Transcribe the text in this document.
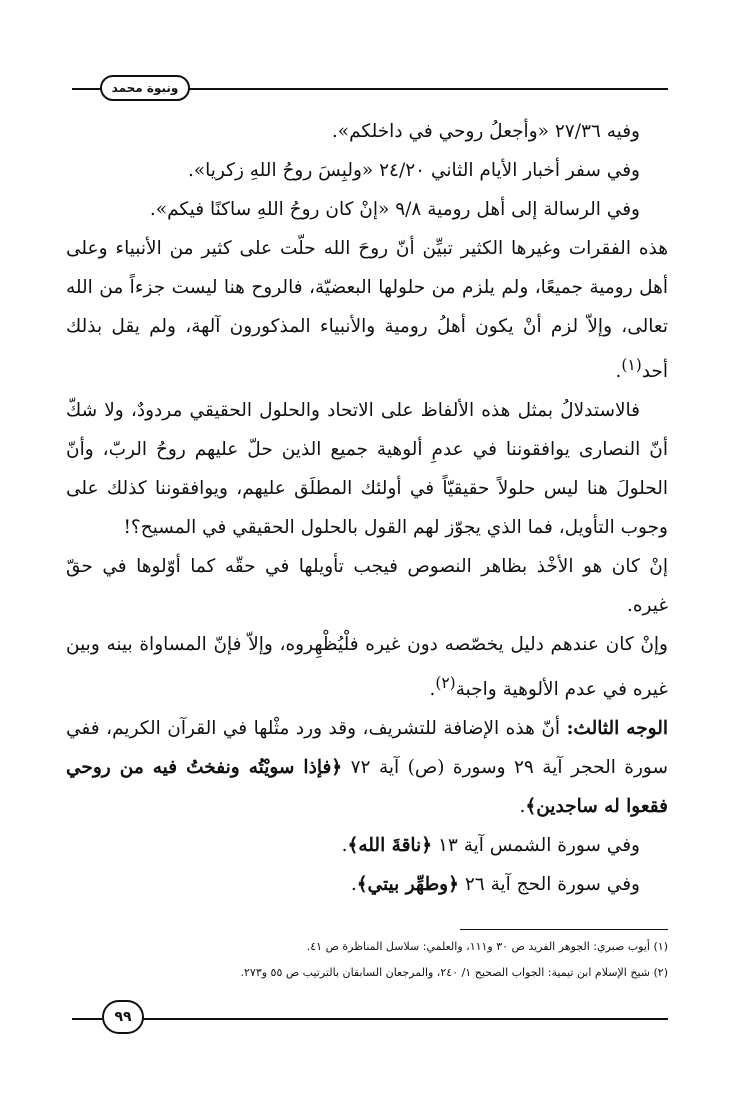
ونبوة محمد

وفيه ٢٧/٣٦ «وأجعلُ روحي في داخلكم».

وفي سفر أخبار الأيام الثاني ٢٤/٢٠ «ولبِسَ روحُ اللهِ زكريا».

وفي الرسالة إلى أهل رومية ٩/٨ «إنْ كان روحُ اللهِ ساكنًا فيكم».

هذه الفقرات وغيرها الكثير تبيِّن أنّ روحَ الله حلّت على كثير من الأنبياء وعلى أهل رومية جميعًا، ولم يلزم من حلولها البعضيّة، فالروح هنا ليست جزءاً من الله تعالى، وإلاّ لزم أنْ يكون أهلُ رومية والأنبياء المذكورون آلهة، ولم يقل بذلك أحد$^{(١)}$.

فالاستدلالُ بمثل هذه الألفاظ على الاتحاد والحلول الحقيقي مردودٌ، ولا شكّ أنّ النصارى يوافقوننا في عدمِ ألوهية جميع الذين حلّ عليهم روحُ الربّ، وأنّ الحلولَ هنا ليس حلولاً حقيقيّاً في أولئك المطلَق عليهم، ويوافقوننا كذلك على وجوب التأويل، فما الذي يجوّز لهم القول بالحلول الحقيقي في المسيح؟!

إنْ كان هو الأخْذ بظاهر النصوص فيجب تأويلها في حقّه كما أوّلوها في حقّ غيره.

وإنْ كان عندهم دليل يخصّصه دون غيره فلْيُظْهِروه، وإلاّ فإنّ المساواة بينه وبين غيره في عدم الألوهية واجبة$^{(٢)}$.

الوجه الثالث: أنّ هذه الإضافة للتشريف، وقد ورد مثْلها في القرآن الكريم، ففي سورة الحجر آية ٢٩ وسورة (ص) آية ٧٢ ﴿فإذا سويْتُه ونفختُ فيه من روحي فقعوا له ساجدين﴾.

وفي سورة الشمس آية ١٣ ﴿ناقةَ الله﴾.

وفي سورة الحج آية ٢٦ ﴿وطهِّر بيتي﴾.

(١) أيوب صبري: الجوهر الفريد ص ٣٠ و١١١، والعلمي: سلاسل المناظرة ص ٤١.

(٢) شيخ الإسلام ابن تيمية: الجواب الصحيح ١/ ٢٤٠، والمرجعان السابقان بالترتيب ص ٥٥ و٢٧٣.

٩٩
